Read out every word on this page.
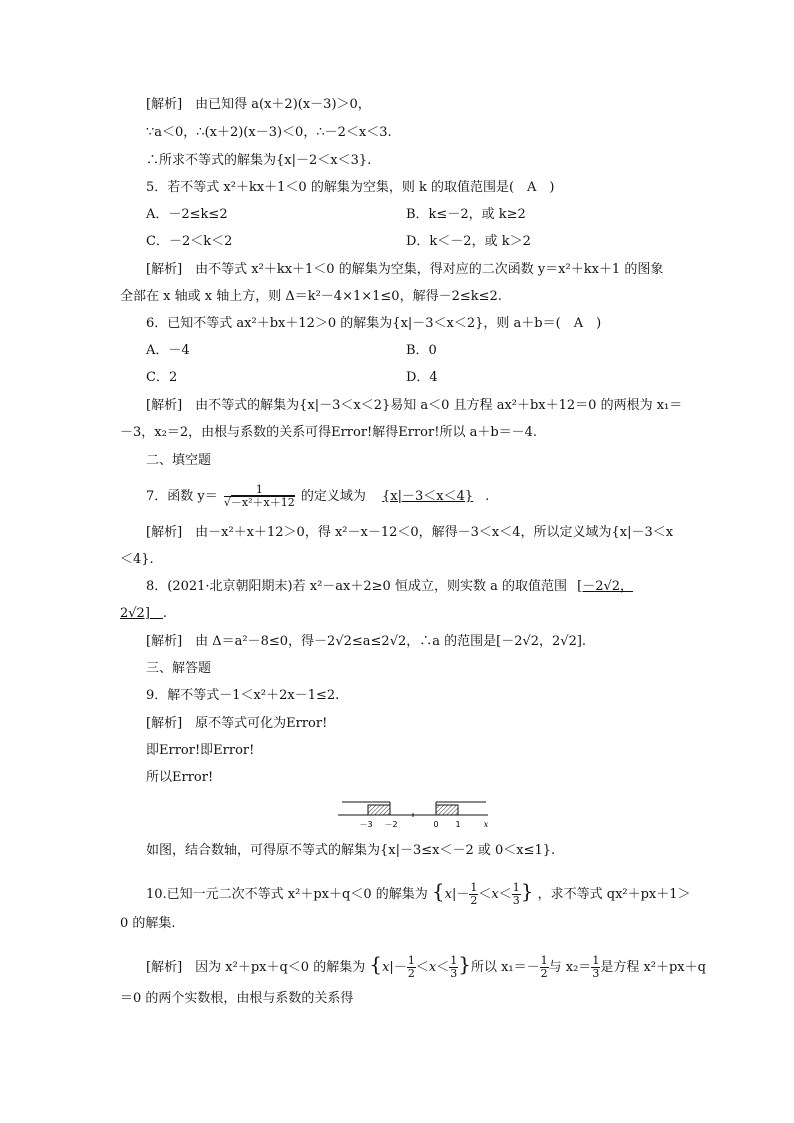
[解析]　由已知得 a(x＋2)(x－3)＞0，
∵a＜0，∴(x＋2)(x－3)＜0，∴－2＜x＜3.
∴所求不等式的解集为{x|－2＜x＜3}.
5．若不等式 x²＋kx＋1＜0 的解集为空集，则 k 的取值范围是(　A　)
A．－2≤k≤2	B．k≤－2，或 k≥2
C．－2＜k＜2	D．k＜－2，或 k＞2
[解析]　由不等式 x²＋kx＋1＜0 的解集为空集，得对应的二次函数 y＝x²＋kx＋1 的图象
全部在 x 轴或 x 轴上方，则 Δ＝k²－4×1×1≤0，解得－2≤k≤2.
6．已知不等式 ax²＋bx＋12＞0 的解集为{x|－3＜x＜2}，则 a＋b＝(　A　)
A．－4	B．0
C．2	D．4
[解析]　由不等式的解集为{x|－3＜x＜2}易知 a＜0 且方程 ax²＋bx＋12＝0 的两根为 x₁＝
－3，x₂＝2，由根与系数的关系可得Error!解得Error!所以 a＋b＝－4.
二、填空题
7．函数 $y= \frac{1}{\text{√－x²＋x＋12}}$ 的定义域为 {x|－3＜x＜4} .
[解析]　由－x²＋x＋12＞0，得 x²－x－12＜0，解得－3＜x＜4，所以定义域为{x|－3＜x
＜4}.
8．(2021·北京朝阳期末)若 x²－ax＋2≥0 恒成立，则实数 a 的取值范围 [－2√2，
2√2]　 .
[解析]　由 Δ＝a²－8≤0，得－2√2≤a≤2√2，∴a 的范围是[－2√2，2√2].
三、解答题
9．解不等式－1＜x²＋2x－1≤2.
[解析]　原不等式可化为Error!
即Error!即Error!
所以Error!
－3 －2	0 1	x
如图，结合数轴，可得原不等式的解集为{x|－3≤x＜－2 或 0＜x≤1}.
10.已知一元二次不等式 x²＋px＋q＜0 的解集为 {$x|- \frac{1}{2} <x< \frac{1}{3}$ } ，求不等式 qx²＋px＋1＞
0 的解集.
[解析]　因为 x²＋px＋q＜0 的解集为 {$x|- \frac{1}{2} <x< \frac{1}{3}$ }所以 $x_1=- \frac{1}{2}$ 与 $x_2= \frac{1}{3}$ 是方程 x²＋px＋q
＝0 的两个实数根，由根与系数的关系得
